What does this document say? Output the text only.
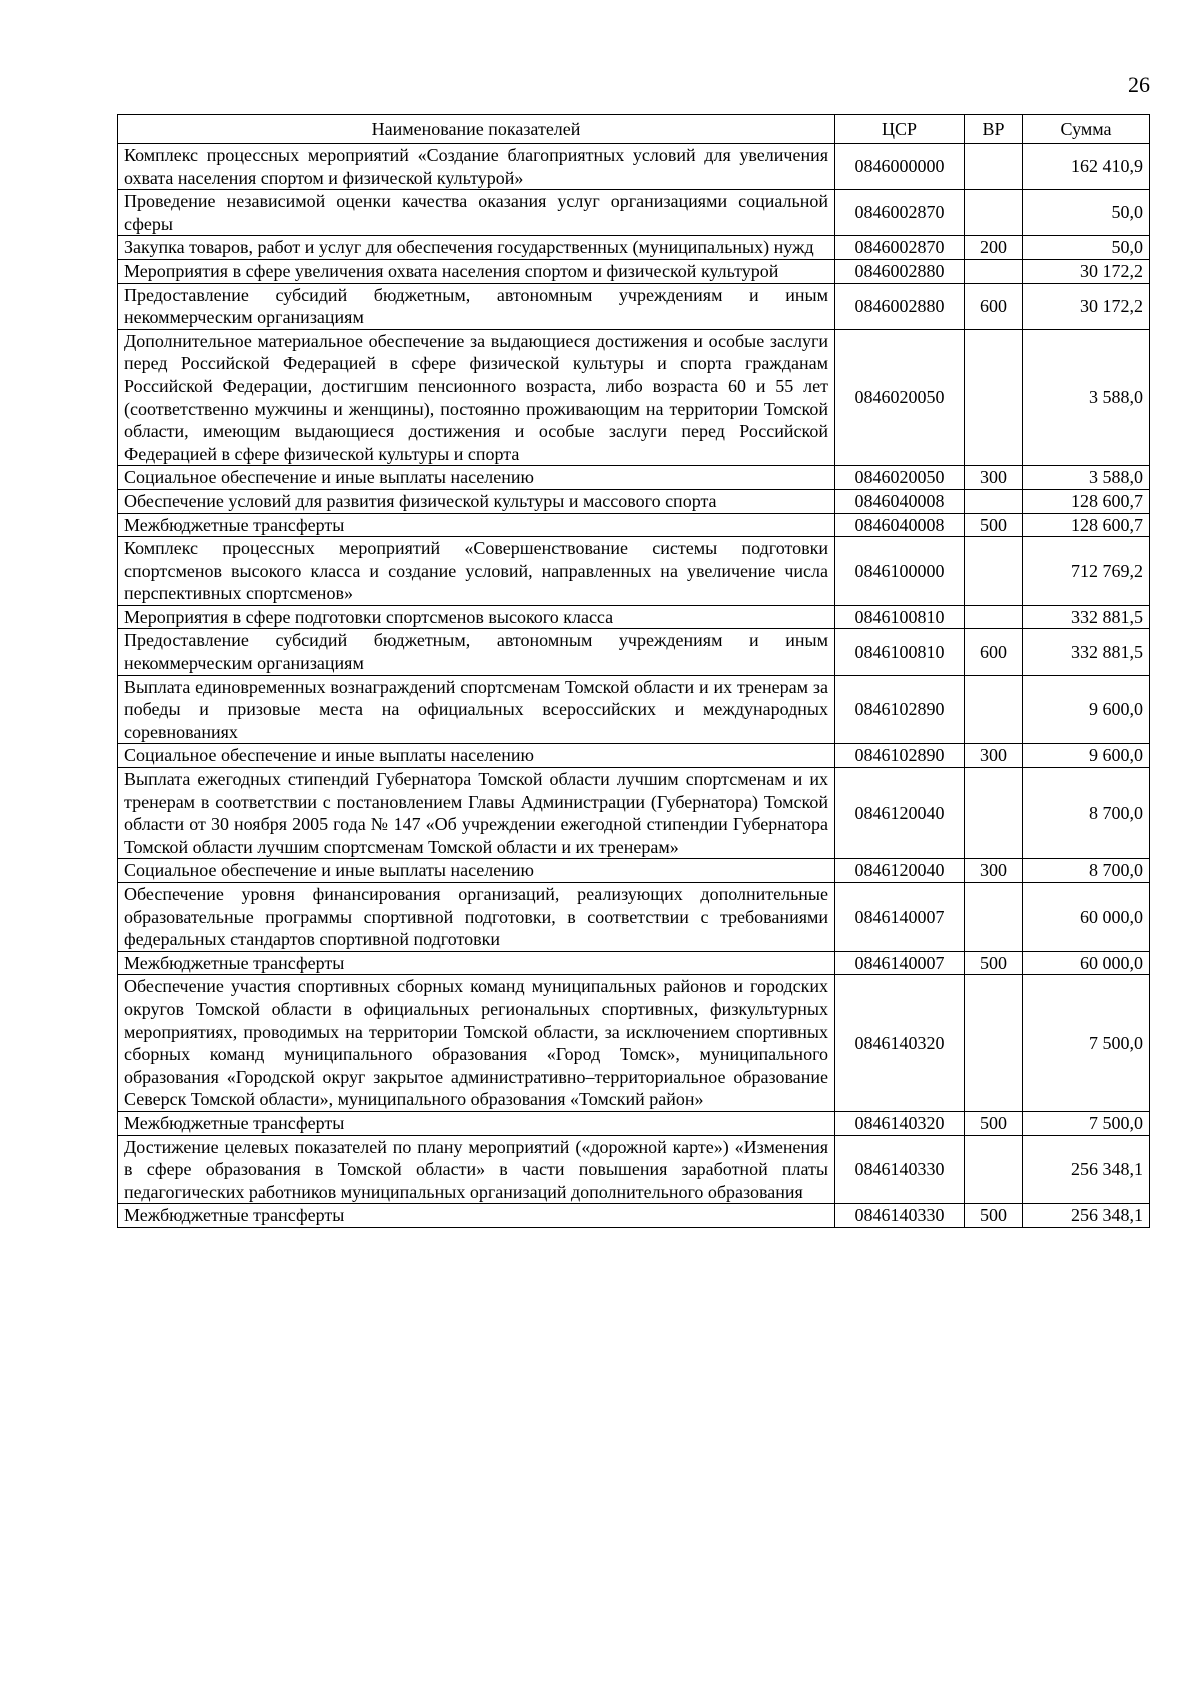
26
Наименование показателей	ЦСР	ВР	Сумма
Комплекс процессных мероприятий «Создание благоприятных условий для увеличения охвата населения спортом и физической культурой»	0846000000		162 410,9
Проведение независимой оценки качества оказания услуг организациями социальной сферы	0846002870		50,0
Закупка товаров, работ и услуг для обеспечения государственных (муниципальных) нужд	0846002870	200	50,0
Мероприятия в сфере увеличения охвата населения спортом и физической культурой	0846002880		30 172,2
Предоставление субсидий бюджетным, автономным учреждениям и иным некоммерческим организациям	0846002880	600	30 172,2
Дополнительное материальное обеспечение за выдающиеся достижения и особые заслуги перед Российской Федерацией в сфере физической культуры и спорта гражданам Российской Федерации, достигшим пенсионного возраста, либо возраста 60 и 55 лет (соответственно мужчины и женщины), постоянно проживающим на территории Томской области, имеющим выдающиеся достижения и особые заслуги перед Российской Федерацией в сфере физической культуры и спорта	0846020050		3 588,0
Социальное обеспечение и иные выплаты населению	0846020050	300	3 588,0
Обеспечение условий для развития физической культуры и массового спорта	0846040008		128 600,7
Межбюджетные трансферты	0846040008	500	128 600,7
Комплекс процессных мероприятий «Совершенствование системы подготовки спортсменов высокого класса и создание условий, направленных на увеличение числа перспективных спортсменов»	0846100000		712 769,2
Мероприятия в сфере подготовки спортсменов высокого класса	0846100810		332 881,5
Предоставление субсидий бюджетным, автономным учреждениям и иным некоммерческим организациям	0846100810	600	332 881,5
Выплата единовременных вознаграждений спортсменам Томской области и их тренерам за победы и призовые места на официальных всероссийских и международных соревнованиях	0846102890		9 600,0
Социальное обеспечение и иные выплаты населению	0846102890	300	9 600,0
Выплата ежегодных стипендий Губернатора Томской области лучшим спортсменам и их тренерам в соответствии с постановлением Главы Администрации (Губернатора) Томской области от 30 ноября 2005 года № 147 «Об учреждении ежегодной стипендии Губернатора Томской области лучшим спортсменам Томской области и их тренерам»	0846120040		8 700,0
Социальное обеспечение и иные выплаты населению	0846120040	300	8 700,0
Обеспечение уровня финансирования организаций, реализующих дополнительные образовательные программы спортивной подготовки, в соответствии с требованиями федеральных стандартов спортивной подготовки	0846140007		60 000,0
Межбюджетные трансферты	0846140007	500	60 000,0
Обеспечение участия спортивных сборных команд муниципальных районов и городских округов Томской области в официальных региональных спортивных, физкультурных мероприятиях, проводимых на территории Томской области, за исключением спортивных сборных команд муниципального образования «Город Томск», муниципального образования «Городской округ закрытое административно–территориальное образование Северск Томской области», муниципального образования «Томский район»	0846140320		7 500,0
Межбюджетные трансферты	0846140320	500	7 500,0
Достижение целевых показателей по плану мероприятий («дорожной карте») «Изменения в сфере образования в Томской области» в части повышения заработной платы педагогических работников муниципальных организаций дополнительного образования	0846140330		256 348,1
Межбюджетные трансферты	0846140330	500	256 348,1
